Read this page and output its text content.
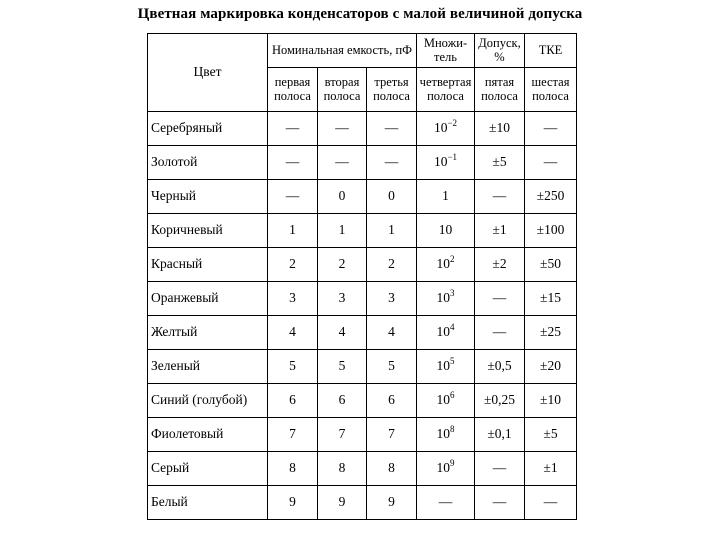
Цветная маркировка конденсаторов с малой величиной допуска
Цвет	Номинальная емкость, пФ			Множи-тель	Допуск, %	ТКЕ
	первая полоса	вторая полоса	третья полоса	четвертая полоса	пятая полоса	шестая полоса
Серебряный	—	—	—	$10^{-2}$	±10	—
Золотой	—	—	—	$10^{-1}$	±5	—
Черный	—	0	0	1	—	±250
Коричневый	1	1	1	10	±1	±100
Красный	2	2	2	$10^2$	±2	±50
Оранжевый	3	3	3	$10^3$	—	±15
Желтый	4	4	4	$10^4$	—	±25
Зеленый	5	5	5	$10^5$	±0,5	±20
Синий (голубой)	6	6	6	$10^6$	±0,25	±10
Фиолетовый	7	7	7	$10^8$	±0,1	±5
Серый	8	8	8	$10^9$	—	±1
Белый	9	9	9	—	—	—
